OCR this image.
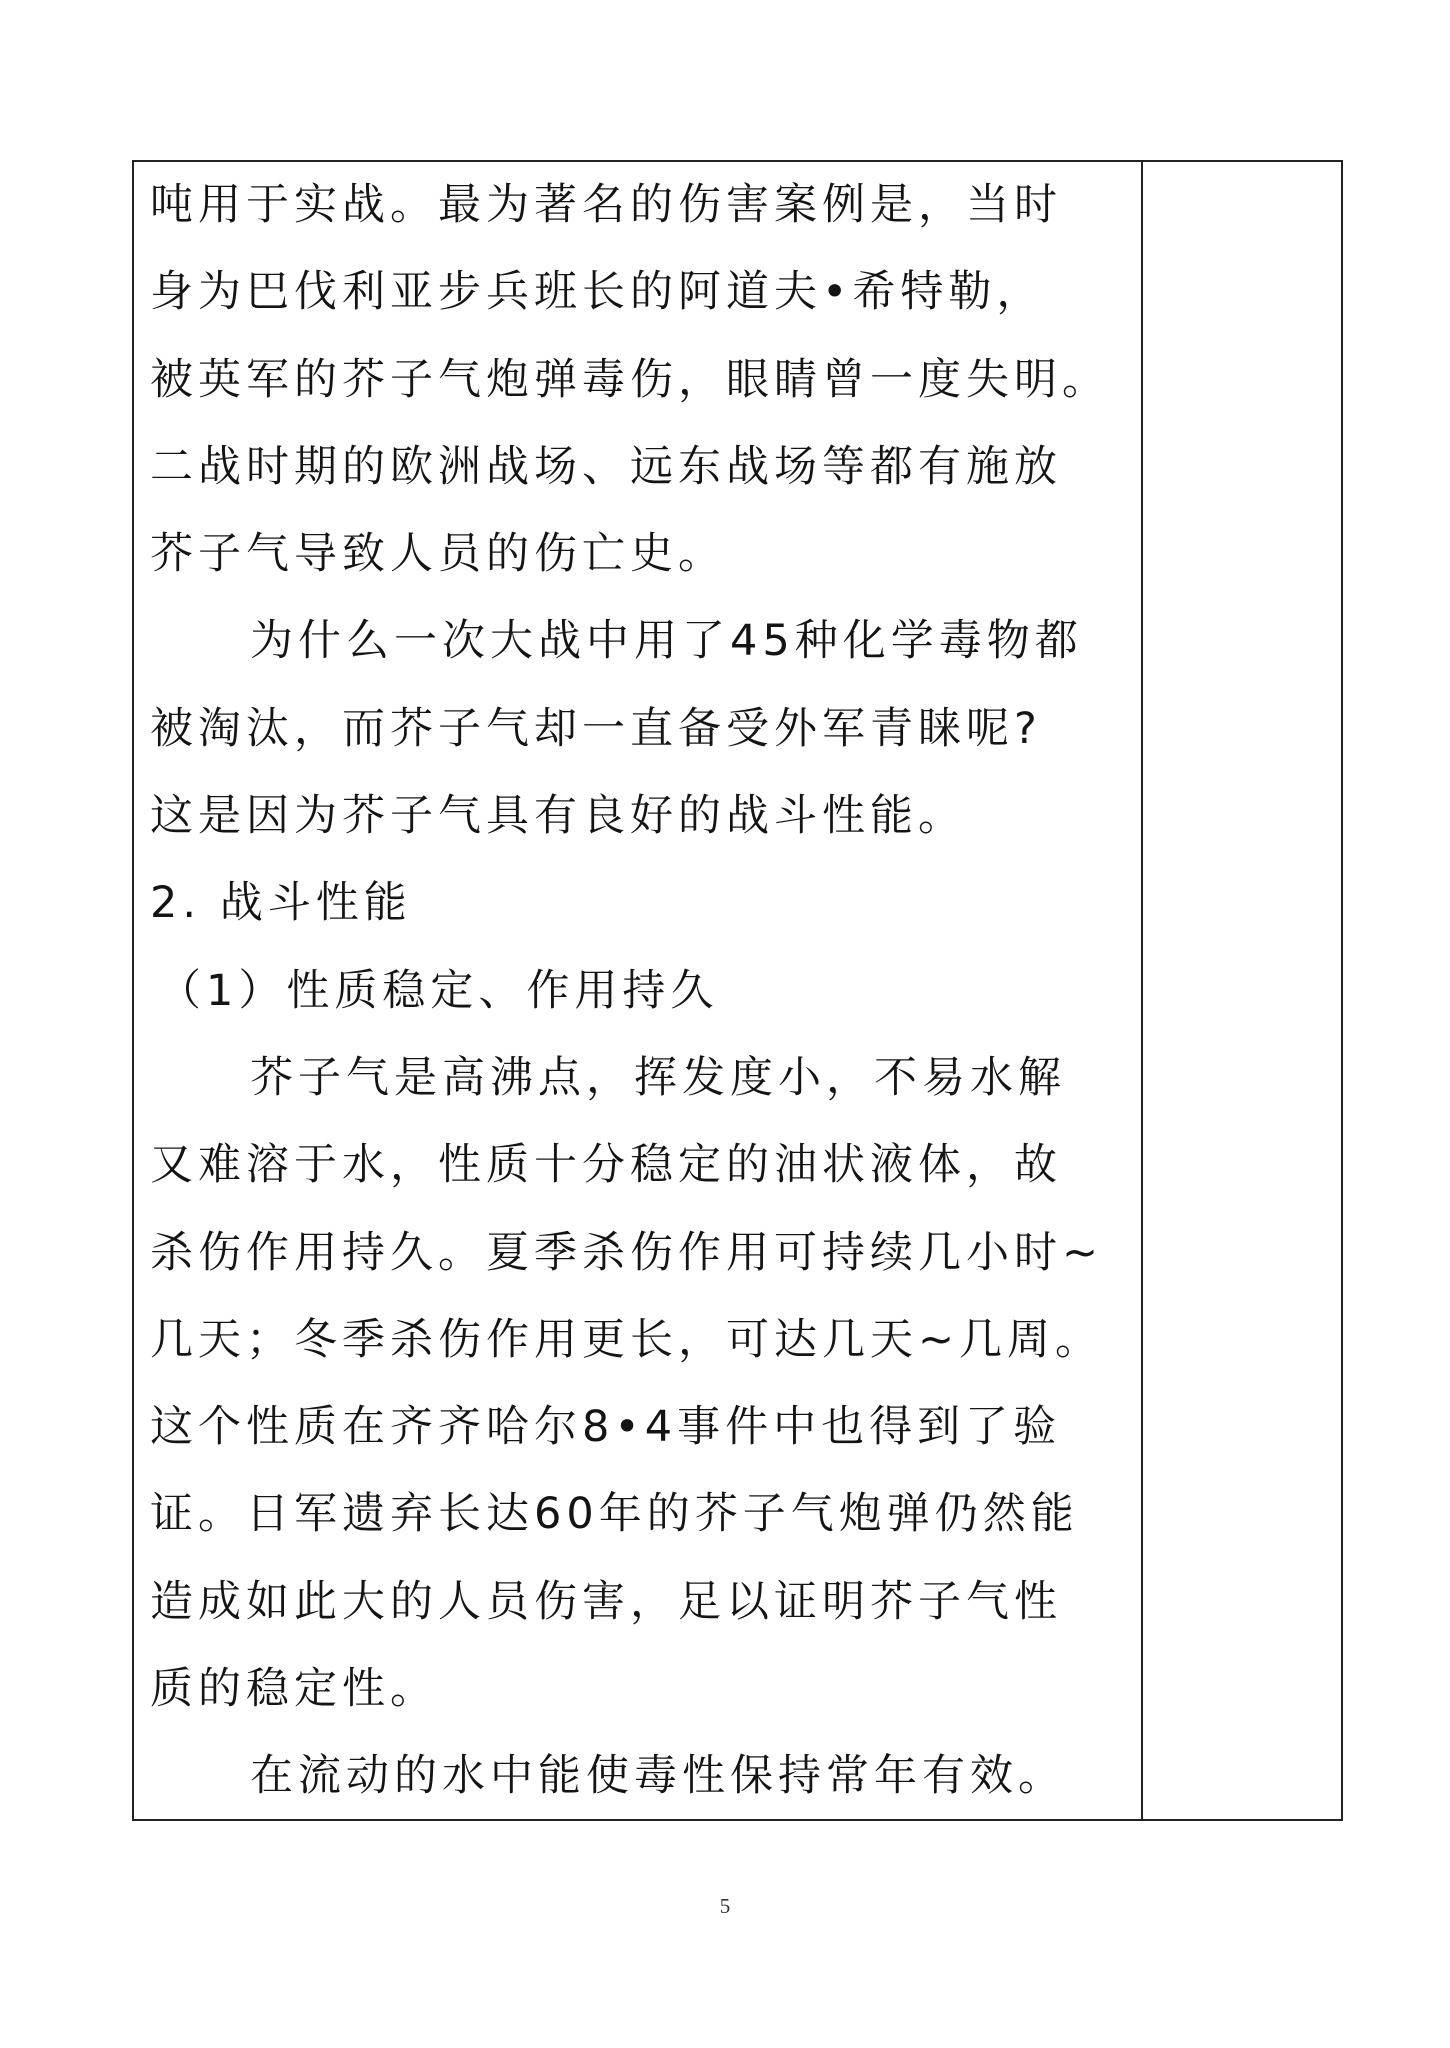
吨用于实战。最为著名的伤害案例是，当时
身为巴伐利亚步兵班长的阿道夫•希特勒，
被英军的芥子气炮弹毒伤，眼睛曾一度失明。
二战时期的欧洲战场、远东战场等都有施放
芥子气导致人员的伤亡史。
为什么一次大战中用了45种化学毒物都
被淘汰，而芥子气却一直备受外军青睐呢?
这是因为芥子气具有良好的战斗性能。
2. 战斗性能
（1）性质稳定、作用持久
芥子气是高沸点，挥发度小，不易水解
又难溶于水，性质十分稳定的油状液体，故
杀伤作用持久。夏季杀伤作用可持续几小时~
几天；冬季杀伤作用更长，可达几天~几周。
这个性质在齐齐哈尔8•4事件中也得到了验
证。日军遗弃长达60年的芥子气炮弹仍然能
造成如此大的人员伤害，足以证明芥子气性
质的稳定性。
在流动的水中能使毒性保持常年有效。
5
